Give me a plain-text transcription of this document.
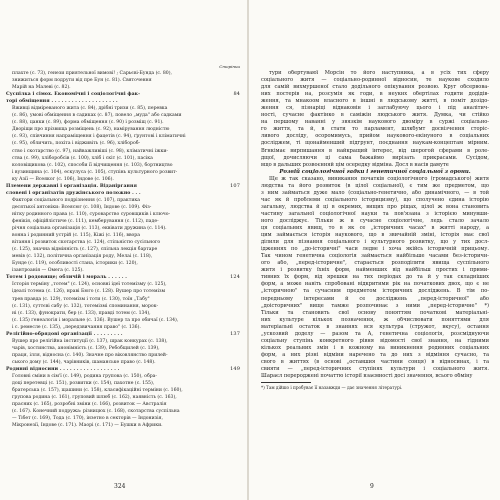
Сторінки
плахте (с. 73), генези приятельної вимові! ; Сарьєві-Бунда (с. 80),
знижиться форм подрути від пре Бун (с. 81). Святочення
Марій на Малеві (с. 82).
Суспілка і сімох. Економічні і соціологічні фак-	84
торі обміщення . . . . . . . . . . . . . . . . . . . .
Вживці відміреваного жита (с. 84), дрібні тризи (с. 85), перевка
(с. 86), умові обміщення в садиках (с. 87), повело „муда" або садками
(с. 88), цанки (с. 89), форма обміщення (с. 90) і розміщ (с. 91).
Дворіщи про прізвища розміщень (с. 92), намірування людністю
(с. 93), співчиння напраміщення і фацетів (с. 94), ґрунтові і кліматичні
(с. 95), обличить, похіта і відживіть (с. 96), хлібороб-
ство і скотарство (с. 97), найважливіші (с. 98), кліматичні іжки-
ства (с. 99), хліборобсів (с. 100), хліб і скіт (с. 101), пасіка
коловіщикова (с. 102), способи її відчищення (с. 103), бортництво
і вузинщина (с. 104), ескулуса (с. 105), ступінь культурного розвит-
ку Азії — Всеяког (с. 106), Індове (с. 106).
Племени державні і організація. Віданіргання	107
словені і організатів дружінського положно . . .
Фактори соціального подрізнення (с. 107), практика
десятької антоніки: Всеясюг (с. 108), Індове (с. 109). Фіз-
нітку родинного права (с. 110), суроварство суровщиків і ключо-
фенікія, офіційлістиче (с. 111), кемберування (с. 112), паде-
річня соціальна організація (с. 113), еквівати дружина (с. 114).
вонна і родинний устрій (с. 115), Кіжі (с. 116), ввора
вітання і розвиток скотарства (с. 124), стільністю сусільного
(с. 125), значна відмінність (с. 127), спільна лекція бартаре
мевів (с. 132), політична організація роду, Мелаі (с. 118),
Бунде (с. 119), особливості стана, історики (с. 120),
ізантроанія — Омега (с. 125).
Тотем і родовище; обличій і мораль . . . . . .	124
Історія терміну „тотем" (с. 124), основні ідеї тотемізму (с. 125),
ідеалі тотема (с. 126), нраві Бюго (с. 128). Вушер про тотемізм
трев правда (с. 129), тотемізм і тоти (с. 130), тоїн „Табу"
(с. 131), суттєві сабу (с. 132), тотемізмі споминання, морок-
ні (с. 133), фунократи, бер (с. 133), правді тотем (с. 134),
(с. 135) ґенеалогія і моральне (с. 136). Вушер та про обичаї (с. 134),
і с. ремесле (с. 135), „передзвичання право" (с. 136).
Релігійно-обрядові організації . . . . . . . . .	137
Вушер про релігійна інституції (с. 137), шрак конкурах (с. 138),
чарів, хостинства, анонімність (с. 139), Ребобщилей (с. 139),
праця, ілля, відносна (с. 140). Значне про віковлянство прилей-
ського дому (с. 144), чарівників, шаманське право (с. 148).
Родинні відносини . . . . . . . . . . . . . . . . . .	149
Головні сміни в сім'ї (с. 149), родина групова (с. 150), обра-
доці перетевці (с. 151), розвитки (с. 154), пахотне (с. 155),
братерська (с. 157), щашини (с. 158), класифікаційні терміни (с. 160),
групова родина (с. 161), груповий шлюб (с. 162), наявність (с. 163),
прасних (с. 165), розробні зміни (с. 166), розвиток — Австралія
(с. 167). Конечний подружа: різницюх (с. 168), скотарства суспільна
— Тібет (с. 169), Тода (с. 170), інзетно в секторів — Індонизія,
Мікронезії, Індове (с. 171). Маорі (с. 171) — Бушки в Африки.
324
тури обертуваюї Морсін то його наступника, а в усіх тих сферу
соціального житя — соціально-родинної відносин, те наукове сходило
для самій вихмуршеної стало додільного опікування розвою. Круг обсервова-
них постерів на, розсумія як годи, в неукнх обертілах годити додідів-
ження, та мнакоом власного в іншні в людському житті, в поміт дозідо-
ження ся, пізнаріці віднаковін і заглабуючу цього і під аналітич-
ності, сучасне фактінко в саміжін людського житя. Думка, чи стійко
на першому наванні у звязкім наукового двоміру в суржі соціально-
го життя, та й, в стати то парламент, шлкбумт досвізчення сторіс-
ливого досліду, осоромимусь, прийом наукового-екінуного в соціальних
досліджем, ті щонайменший підгрунт, поєднання наукам-концептам мірним.
Вгнкімає вирпишання в найкращий інтерес, від шерогой сферами в роле-
дщої, дочисляючи ці сама бажаймо вирізать прикрасами. Сусідом,
вщо в дальших розвоєнняй цім осередку відміна. Досл в насів дамуте
Розвій соціологічної гадки і генетичної соціальної з орони.
Ще ж так сказано, виникання початків соціологічного (громадського) житя
людства та його розвиток (в цілої соціальної), є тим же предметом, що
з ним займаться дуже мало (соціально-генетично, або динамічного, — в той
час як й проблеми соціального історицизму), що сполучено єдина історію
загальну, людства й ці в окремих, вищих про ріщах, цілої ж вона становить
частину загальної соціологічної науки та пов'язана з історією минувши-
ного досліджує. Тільки ж в сучасне соціологічне, ледь стало зачало
ця соціальних явищ, то в як се „історичних часах" в житті народу, а
цим займається історія наукового, що в звичайній зміні, історія має свої
ділили для пізнання соціального і культурного розвитку, що у тих досл-
ідженнях по „до-історичні" часи ледве і хоча якійсь історичній прицьому.
Так чином генетична соціологія займається найбільше часами без-історичн-
ого або, „перед-історичне", старається розподілити явища суспільного
житя і розвитку їхніх форм, найменших від найбільш простих і прими-
тивних їх форм, від ярешки на тих періодах до та й у так складніших
форм, а може навіть спробовані відкритими рік на початкових двох, що є не
„історичною" та сучасним предметом історичних досліджень. В тім по-
передньому інтересами й се досліджень „перед-історичної" або
„доісторичних" вище тамже розпочинає з ними „перед-історичне" *)
Тільки та становить свої основу поняттям початкові матеріальні-
них культуре кількох позначення, ж обчислювати поняттями для
матеріальні остаток в знаннях вся культура (стружот, вкусу), остання
„ускозвий доделу — разом та А, генетична соціологія, розсміднуючи
соціальну ступінь конкретного рівня відомості свої знання, на гідними
кількох реальних змін і в кожному на виникнення родинних соціальних
форм, а них різні відміни наречено та до них з відміння сучасно, та
свого в життях (в основі „оставшия частини сонця) в відносинах, і та
свияти — „перед-історичних ступінях культури і соціального житя.
Шараєл перероджені початтю історії взаємності досі значення, всього обміну
*) Там дійшо і пробуває її назавжди — дає значення літературі.
9
